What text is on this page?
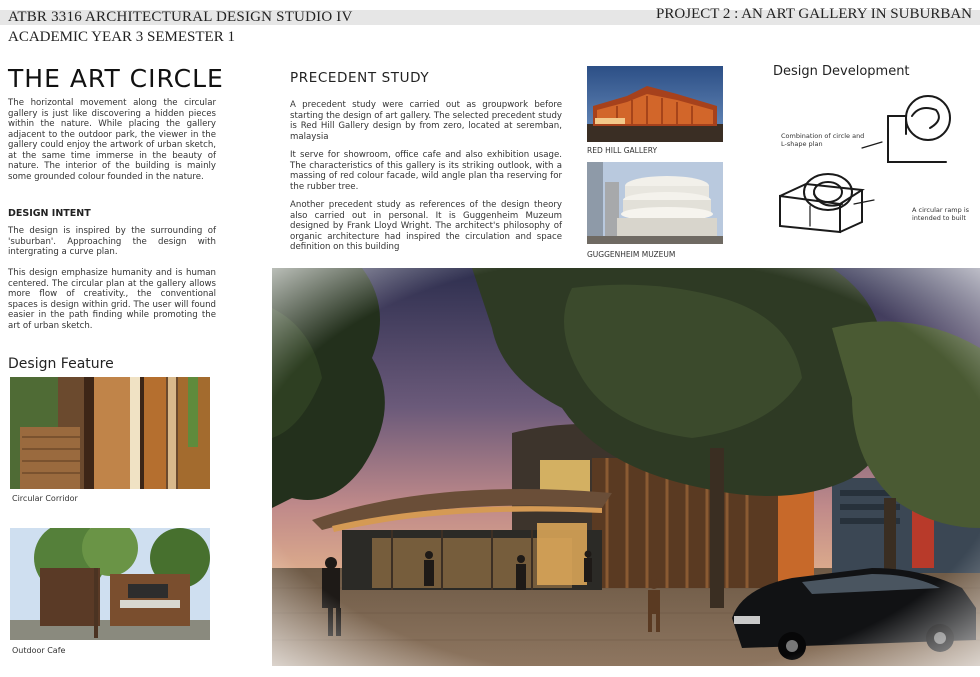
ATBR 3316 ARCHITECTURAL DESIGN STUDIO IV
ACADEMIC YEAR 3 SEMESTER 1
PROJECT 2 : AN ART GALLERY IN SUBURBAN
THE ART CIRCLE
The horizontal movement along the circular gallery is just like discovering a hidden pieces within the nature. While placing the gallery adjacent to the outdoor park, the viewer in the gallery could enjoy the artwork of urban sketch, at the same time immerse in the beauty of nature. The interior of the building is mainly some grounded colour founded in the nature.
DESIGN INTENT
The design is inspired by the surrounding of 'suburban'. Approaching the design with intergrating a curve plan.
This design emphasize humanity and is human centered. The circular plan at the gallery allows more flow of creativity., the conventional spaces is design within grid. The user will found easier in the path finding while promoting the art of urban sketch.
Design Feature
Circular Corridor
Outdoor Cafe
PRECEDENT STUDY
A precedent study were carried out as groupwork before starting the design of art gallery. The selected precedent study is Red Hill Gallery design by from zero, located at seremban, malaysia
It serve for showroom, office cafe and also exhibition usage. The characteristics of this gallery is its striking outlook, with a massing of red colour facade, wild angle plan tha reserving for the rubber tree.
Another precedent study as references of the design theory also carried out in personal. It is Guggenheim Muzeum designed by Frank Lloyd Wright. The architect's philosophy of organic architecture had inspired the circulation and space definition on this building
RED HILL GALLERY
GUGGENHEIM MUZEUM
Design Development
Combination of circle and L-shape plan
A circular ramp is intended to built
